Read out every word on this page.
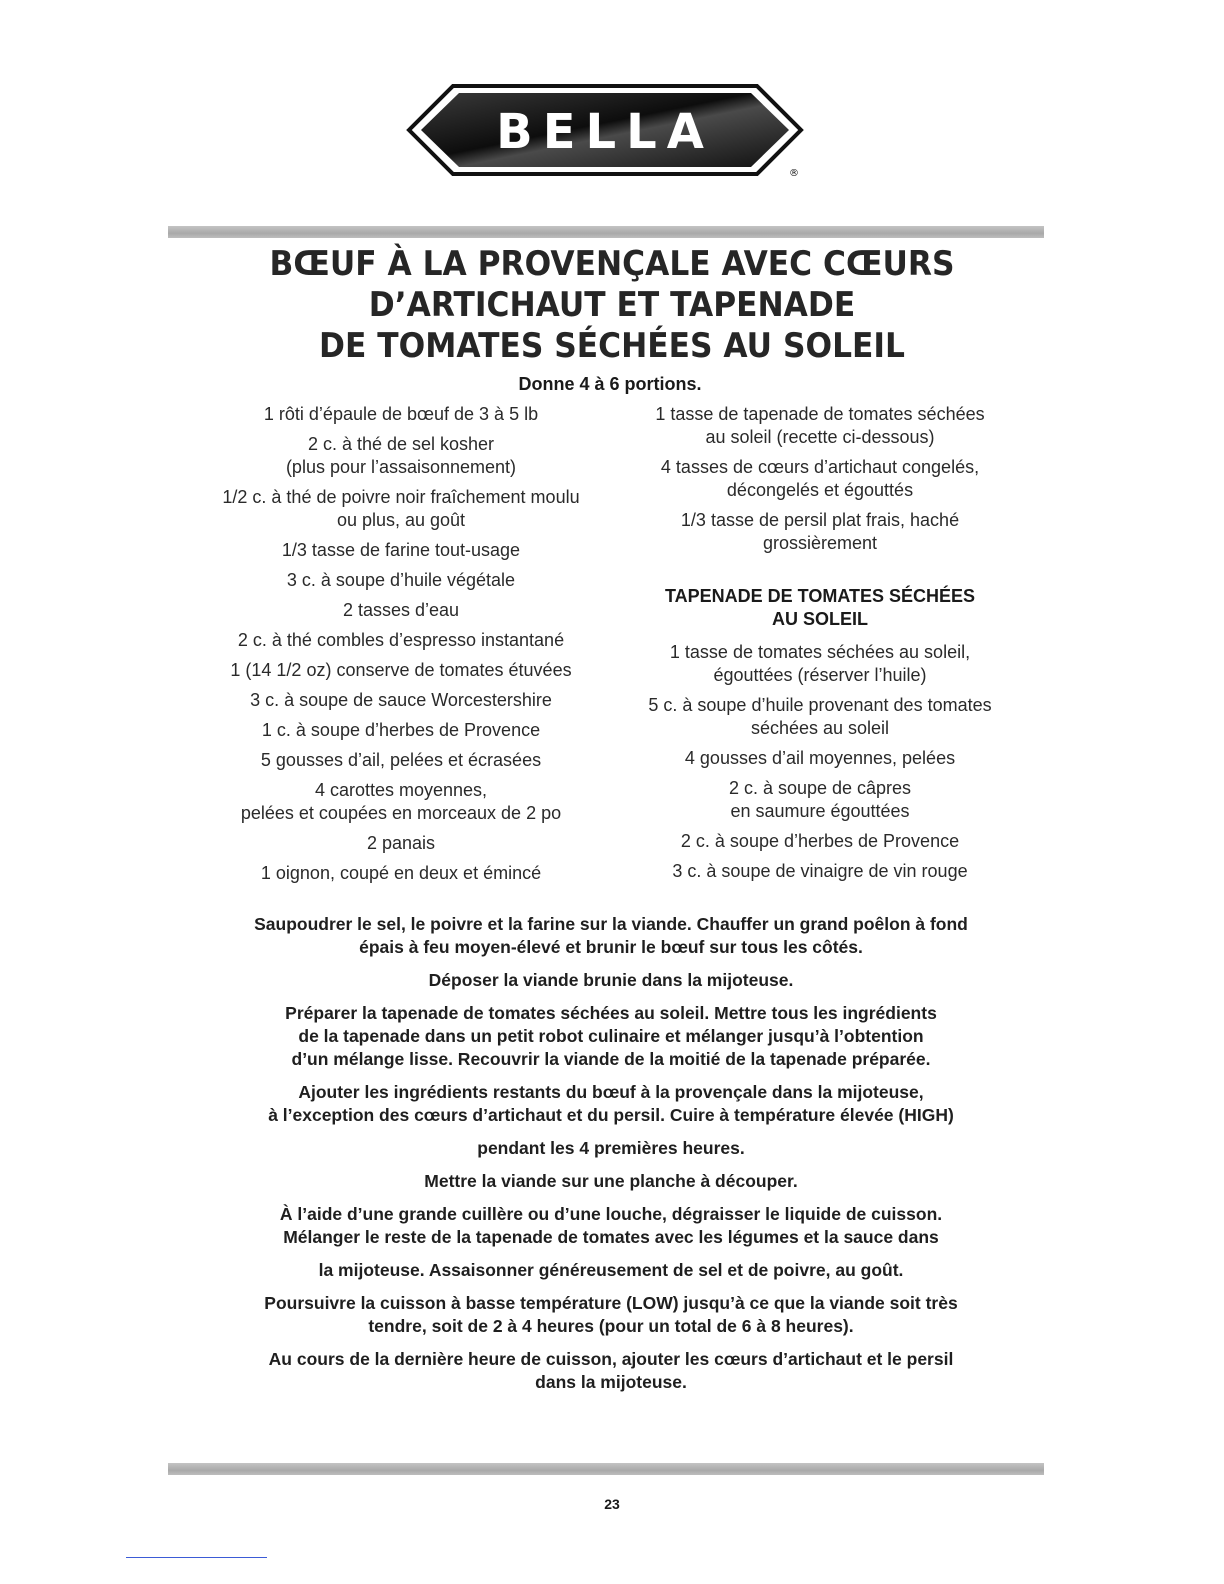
BELLA
®
BŒUF À LA PROVENÇALE AVEC CŒURS
D’ARTICHAUT ET TAPENADE
DE TOMATES SÉCHÉES AU SOLEIL
Donne 4 à 6 portions.
1 rôti d’épaule de bœuf de 3 à 5 lb
2 c. à thé de sel kosher
(plus pour l’assaisonnement)
1/2 c. à thé de poivre noir fraîchement moulu
ou plus, au goût
1/3 tasse de farine tout-usage
3 c. à soupe d’huile végétale
2 tasses d’eau
2 c. à thé combles d’espresso instantané
1 (14 1/2 oz) conserve de tomates étuvées
3 c. à soupe de sauce Worcestershire
1 c. à soupe d’herbes de Provence
5 gousses d’ail, pelées et écrasées
4 carottes moyennes,
pelées et coupées en morceaux de 2 po
2 panais
1 oignon, coupé en deux et émincé
1 tasse de tapenade de tomates séchées
au soleil (recette ci-dessous)
4 tasses de cœurs d’artichaut congelés,
décongelés et égouttés
1/3 tasse de persil plat frais, haché
grossièrement
TAPENADE DE TOMATES SÉCHÉES
AU SOLEIL
1 tasse de tomates séchées au soleil,
égouttées (réserver l’huile)
5 c. à soupe d’huile provenant des tomates
séchées au soleil
4 gousses d’ail moyennes, pelées
2 c. à soupe de câpres
en saumure égouttées
2 c. à soupe d’herbes de Provence
3 c. à soupe de vinaigre de vin rouge
Saupoudrer le sel, le poivre et la farine sur la viande. Chauffer un grand poêlon à fond
épais à feu moyen-élevé et brunir le bœuf sur tous les côtés.
Déposer la viande brunie dans la mijoteuse.
Préparer la tapenade de tomates séchées au soleil. Mettre tous les ingrédients
de la tapenade dans un petit robot culinaire et mélanger jusqu’à l’obtention
d’un mélange lisse. Recouvrir la viande de la moitié de la tapenade préparée.
Ajouter les ingrédients restants du bœuf à la provençale dans la mijoteuse,
à l’exception des cœurs d’artichaut et du persil. Cuire à température élevée (HIGH)
pendant les 4 premières heures.
Mettre la viande sur une planche à découper.
À l’aide d’une grande cuillère ou d’une louche, dégraisser le liquide de cuisson.
Mélanger le reste de la tapenade de tomates avec les légumes et la sauce dans
la mijoteuse. Assaisonner généreusement de sel et de poivre, au goût.
Poursuivre la cuisson à basse température (LOW) jusqu’à ce que la viande soit très
tendre, soit de 2 à 4 heures (pour un total de 6 à 8 heures).
Au cours de la dernière heure de cuisson, ajouter les cœurs d’artichaut et le persil
dans la mijoteuse.
23
